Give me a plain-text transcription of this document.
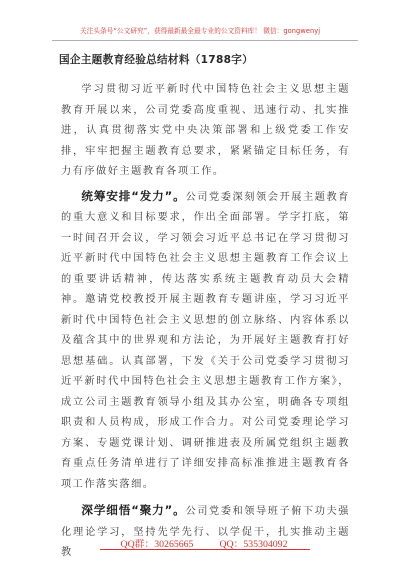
关注头条号“公文研究”，获得最新最全最专业的公文资料库！ 微信：gongwenyj
国企主题教育经验总结材料（1788字）

学习贯彻习近平新时代中国特色社会主义思想主题教育开展以来，公司党委高度重视、迅速行动、扎实推进，认真贯彻落实党中央决策部署和上级党委工作安排，牢牢把握主题教育总要求，紧紧锚定目标任务，有力有序做好主题教育各项工作。

统筹安排“发力”。公司党委深刻领会开展主题教育的重大意义和目标要求，作出全面部署。学字打底，第一时间召开会议，学习领会习近平总书记在学习贯彻习近平新时代中国特色社会主义思想主题教育工作会议上的重要讲话精神，传达落实系统主题教育动员大会精神。邀请党校教授开展主题教育专题讲座，学习习近平新时代中国特色社会主义思想的创立脉络、内容体系以及蕴含其中的世界观和方法论，为开展好主题教育打好思想基础。认真部署，下发《关于公司党委学习贯彻习近平新时代中国特色社会主义思想主题教育工作方案》，成立公司主题教育领导小组及其办公室，明确各专项组职责和人员构成，形成工作合力。对公司党委理论学习方案、专题党课计划、调研推进表及所属党组织主题教育重点任务清单进行了详细安排高标准推进主题教育各项工作落实落细。

深学细悟“聚力”。公司党委和领导班子俯下功夫强化理论学习，坚持先学先行、以学促干，扎实推动主题教

QQ群：30265665	QQ：535304092
